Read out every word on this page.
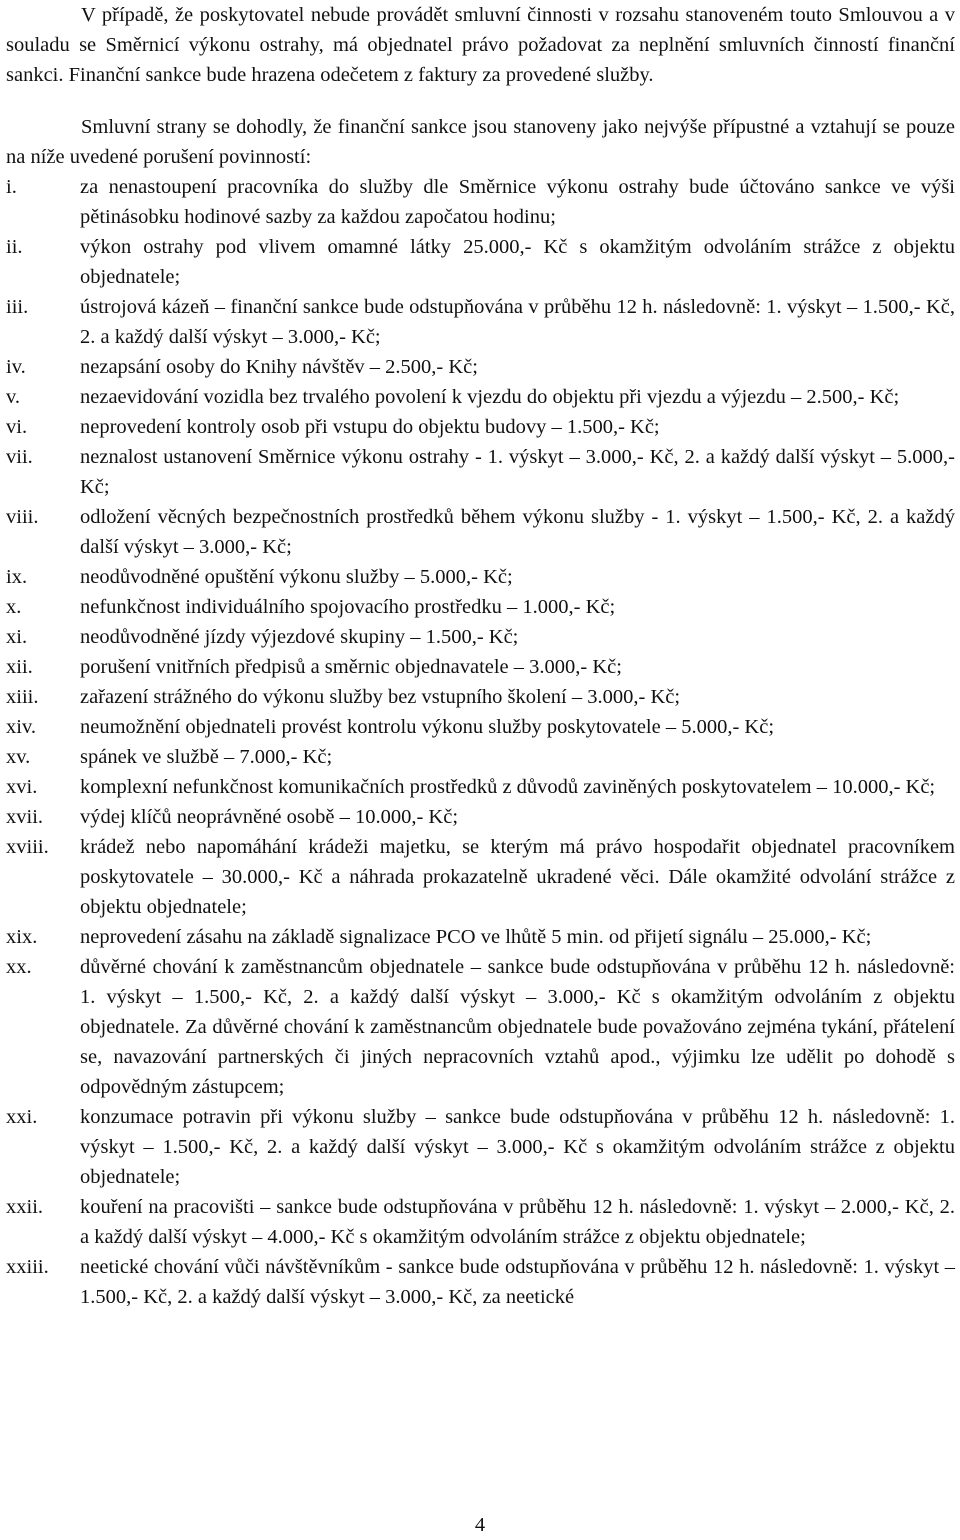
V případě, že poskytovatel nebude provádět smluvní činnosti v rozsahu stanoveném touto Smlouvou a v souladu se Směrnicí výkonu ostrahy, má objednatel právo požadovat za neplnění smluvních činností finanční sankci. Finanční sankce bude hrazena odečetem z faktury za provedené služby.

Smluvní strany se dohodly, že finanční sankce jsou stanoveny jako nejvýše přípustné a vztahují se pouze na níže uvedené porušení povinností:

i.	za nenastoupení pracovníka do služby dle Směrnice výkonu ostrahy bude účtováno sankce ve výši pětinásobku hodinové sazby za každou započatou hodinu;
ii.	výkon ostrahy pod vlivem omamné látky 25.000,- Kč s okamžitým odvoláním strážce z objektu objednatele;
iii.	ústrojová kázeň – finanční sankce bude odstupňována v průběhu 12 h. následovně: 1. výskyt – 1.500,- Kč, 2. a každý další výskyt – 3.000,- Kč;
iv.	nezapsání osoby do Knihy návštěv – 2.500,- Kč;
v.	nezaevidování vozidla bez trvalého povolení k vjezdu do objektu při vjezdu a výjezdu – 2.500,- Kč;
vi.	neprovedení kontroly osob při vstupu do objektu budovy – 1.500,- Kč;
vii.	neznalost ustanovení Směrnice výkonu ostrahy - 1. výskyt – 3.000,- Kč, 2. a každý další výskyt – 5.000,- Kč;
viii.	odložení věcných bezpečnostních prostředků během výkonu služby - 1. výskyt – 1.500,- Kč, 2. a každý další výskyt – 3.000,- Kč;
ix.	neodůvodněné opuštění výkonu služby – 5.000,- Kč;
x.	nefunkčnost individuálního spojovacího prostředku – 1.000,- Kč;
xi.	neodůvodněné jízdy výjezdové skupiny – 1.500,- Kč;
xii.	porušení vnitřních předpisů a směrnic objednavatele – 3.000,- Kč;
xiii.	zařazení strážného do výkonu služby bez vstupního školení – 3.000,- Kč;
xiv.	neumožnění objednateli provést kontrolu výkonu služby poskytovatele – 5.000,- Kč;
xv.	spánek ve službě – 7.000,- Kč;
xvi.	komplexní nefunkčnost komunikačních prostředků z důvodů zaviněných poskytovatelem – 10.000,- Kč;
xvii.	výdej klíčů neoprávněné osobě – 10.000,- Kč;
xviii.	krádež nebo napomáhání krádeži majetku, se kterým má právo hospodařit objednatel pracovníkem poskytovatele – 30.000,- Kč a náhrada prokazatelně ukradené věci. Dále okamžité odvolání strážce z objektu objednatele;
xix.	neprovedení zásahu na základě signalizace PCO ve lhůtě 5 min. od přijetí signálu – 25.000,- Kč;
xx.	důvěrné chování k zaměstnancům objednatele – sankce bude odstupňována v průběhu 12 h. následovně: 1. výskyt – 1.500,- Kč, 2. a každý další výskyt – 3.000,- Kč s okamžitým odvoláním z objektu objednatele. Za důvěrné chování k zaměstnancům objednatele bude považováno zejména tykání, přátelení se, navazování partnerských či jiných nepracovních vztahů apod., výjimku lze udělit po dohodě s odpovědným zástupcem;
xxi.	konzumace potravin při výkonu služby – sankce bude odstupňována v průběhu 12 h. následovně: 1. výskyt – 1.500,- Kč, 2. a každý další výskyt – 3.000,- Kč s okamžitým odvoláním strážce z objektu objednatele;
xxii.	kouření na pracovišti – sankce bude odstupňována v průběhu 12 h. následovně: 1. výskyt – 2.000,- Kč, 2. a každý další výskyt – 4.000,- Kč s okamžitým odvoláním strážce z objektu objednatele;
xxiii.	neetické chování vůči návštěvníkům - sankce bude odstupňována v průběhu 12 h. následovně: 1. výskyt – 1.500,- Kč, 2. a každý další výskyt – 3.000,- Kč, za neetické
4
